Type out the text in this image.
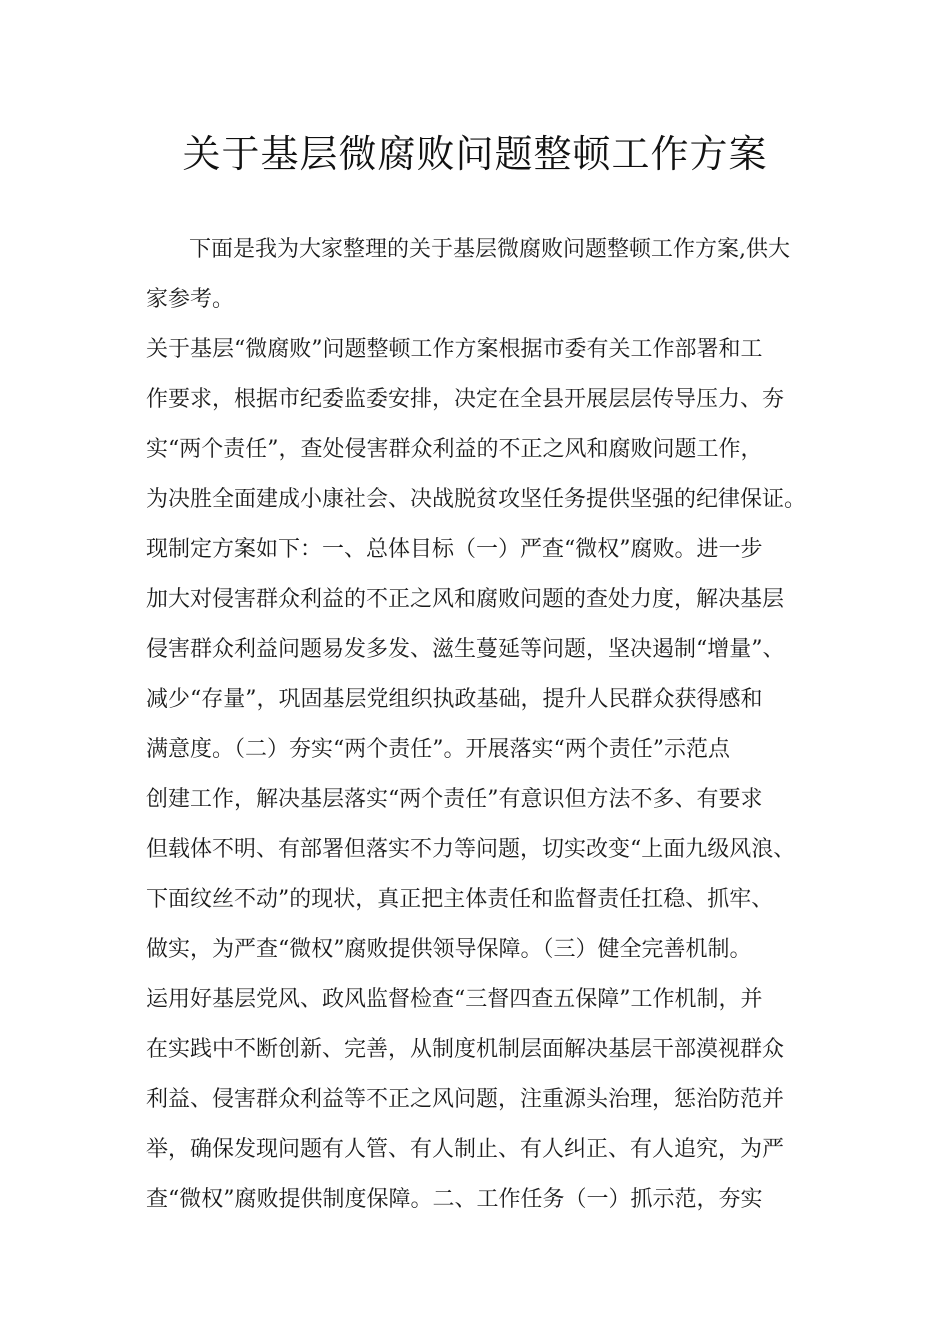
关于基层微腐败问题整顿工作方案

下面是我为大家整理的关于基层微腐败问题整顿工作方案,供大

家参考。

关于基层“微腐败”问题整顿工作方案根据市委有关工作部署和工

作要求，根据市纪委监委安排，决定在全县开展层层传导压力、夯

实“两个责任”，查处侵害群众利益的不正之风和腐败问题工作，

为决胜全面建成小康社会、决战脱贫攻坚任务提供坚强的纪律保证。

现制定方案如下：一、总体目标（一）严查“微权”腐败。进一步

加大对侵害群众利益的不正之风和腐败问题的查处力度，解决基层

侵害群众利益问题易发多发、滋生蔓延等问题，坚决遏制“增量”、

减少“存量”，巩固基层党组织执政基础，提升人民群众获得感和

满意度。（二）夯实“两个责任”。开展落实“两个责任”示范点

创建工作，解决基层落实“两个责任”有意识但方法不多、有要求

但载体不明、有部署但落实不力等问题，切实改变“上面九级风浪、

下面纹丝不动”的现状，真正把主体责任和监督责任扛稳、抓牢、

做实，为严查“微权”腐败提供领导保障。（三）健全完善机制。

运用好基层党风、政风监督检查“三督四查五保障”工作机制，并

在实践中不断创新、完善，从制度机制层面解决基层干部漠视群众

利益、侵害群众利益等不正之风问题，注重源头治理，惩治防范并

举，确保发现问题有人管、有人制止、有人纠正、有人追究，为严

查“微权”腐败提供制度保障。二、工作任务（一）抓示范，夯实
